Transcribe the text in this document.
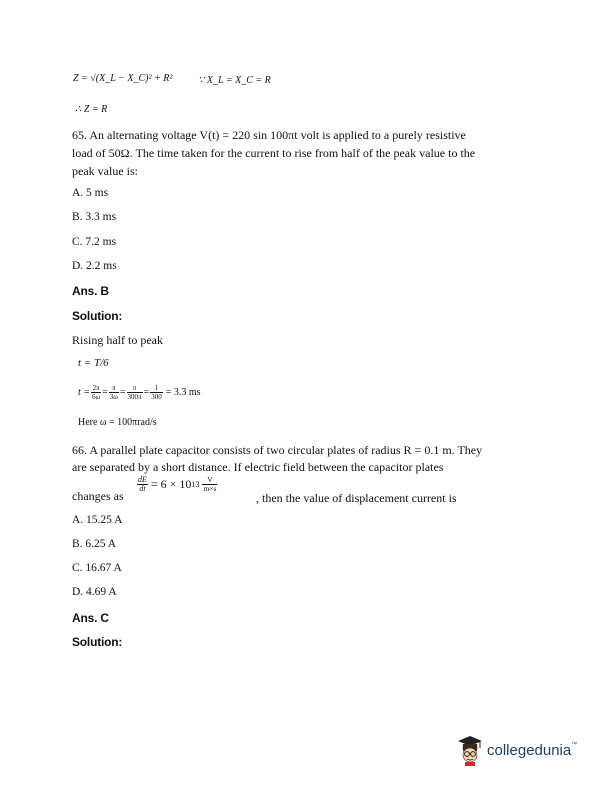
Z = √(X_L − X_C)² + R²	∵ X_L = X_C = R
∴ Z = R
65. An alternating voltage V(t) = 220 sin 100πt volt is applied to a purely resistive
load of 50Ω. The time taken for the current to rise from half of the peak value to the
peak value is:
A. 5 ms
B. 3.3 ms
C. 7.2 ms
D. 2.2 ms
Ans. B
Solution:
Rising half to peak
t = T/6
$t = \frac{2\pi}{6\omega} = \frac{\pi}{3\omega} = \frac{\pi}{300\pi} = \frac{1}{300} = 3.3$ ms
Here ω = 100πrad/s
66. A parallel plate capacitor consists of two circular plates of radius R = 0.1 m. They
are separated by a short distance. If electric field between the capacitor plates
changes as
$\frac{dE}{dt} = 6 \times 10$ $13 \frac{V}{m\times s}$
, then the value of displacement current is
A. 15.25 A
B. 6.25 A
C. 16.67 A
D. 4.69 A
Ans. C
Solution:
collegedunia™
